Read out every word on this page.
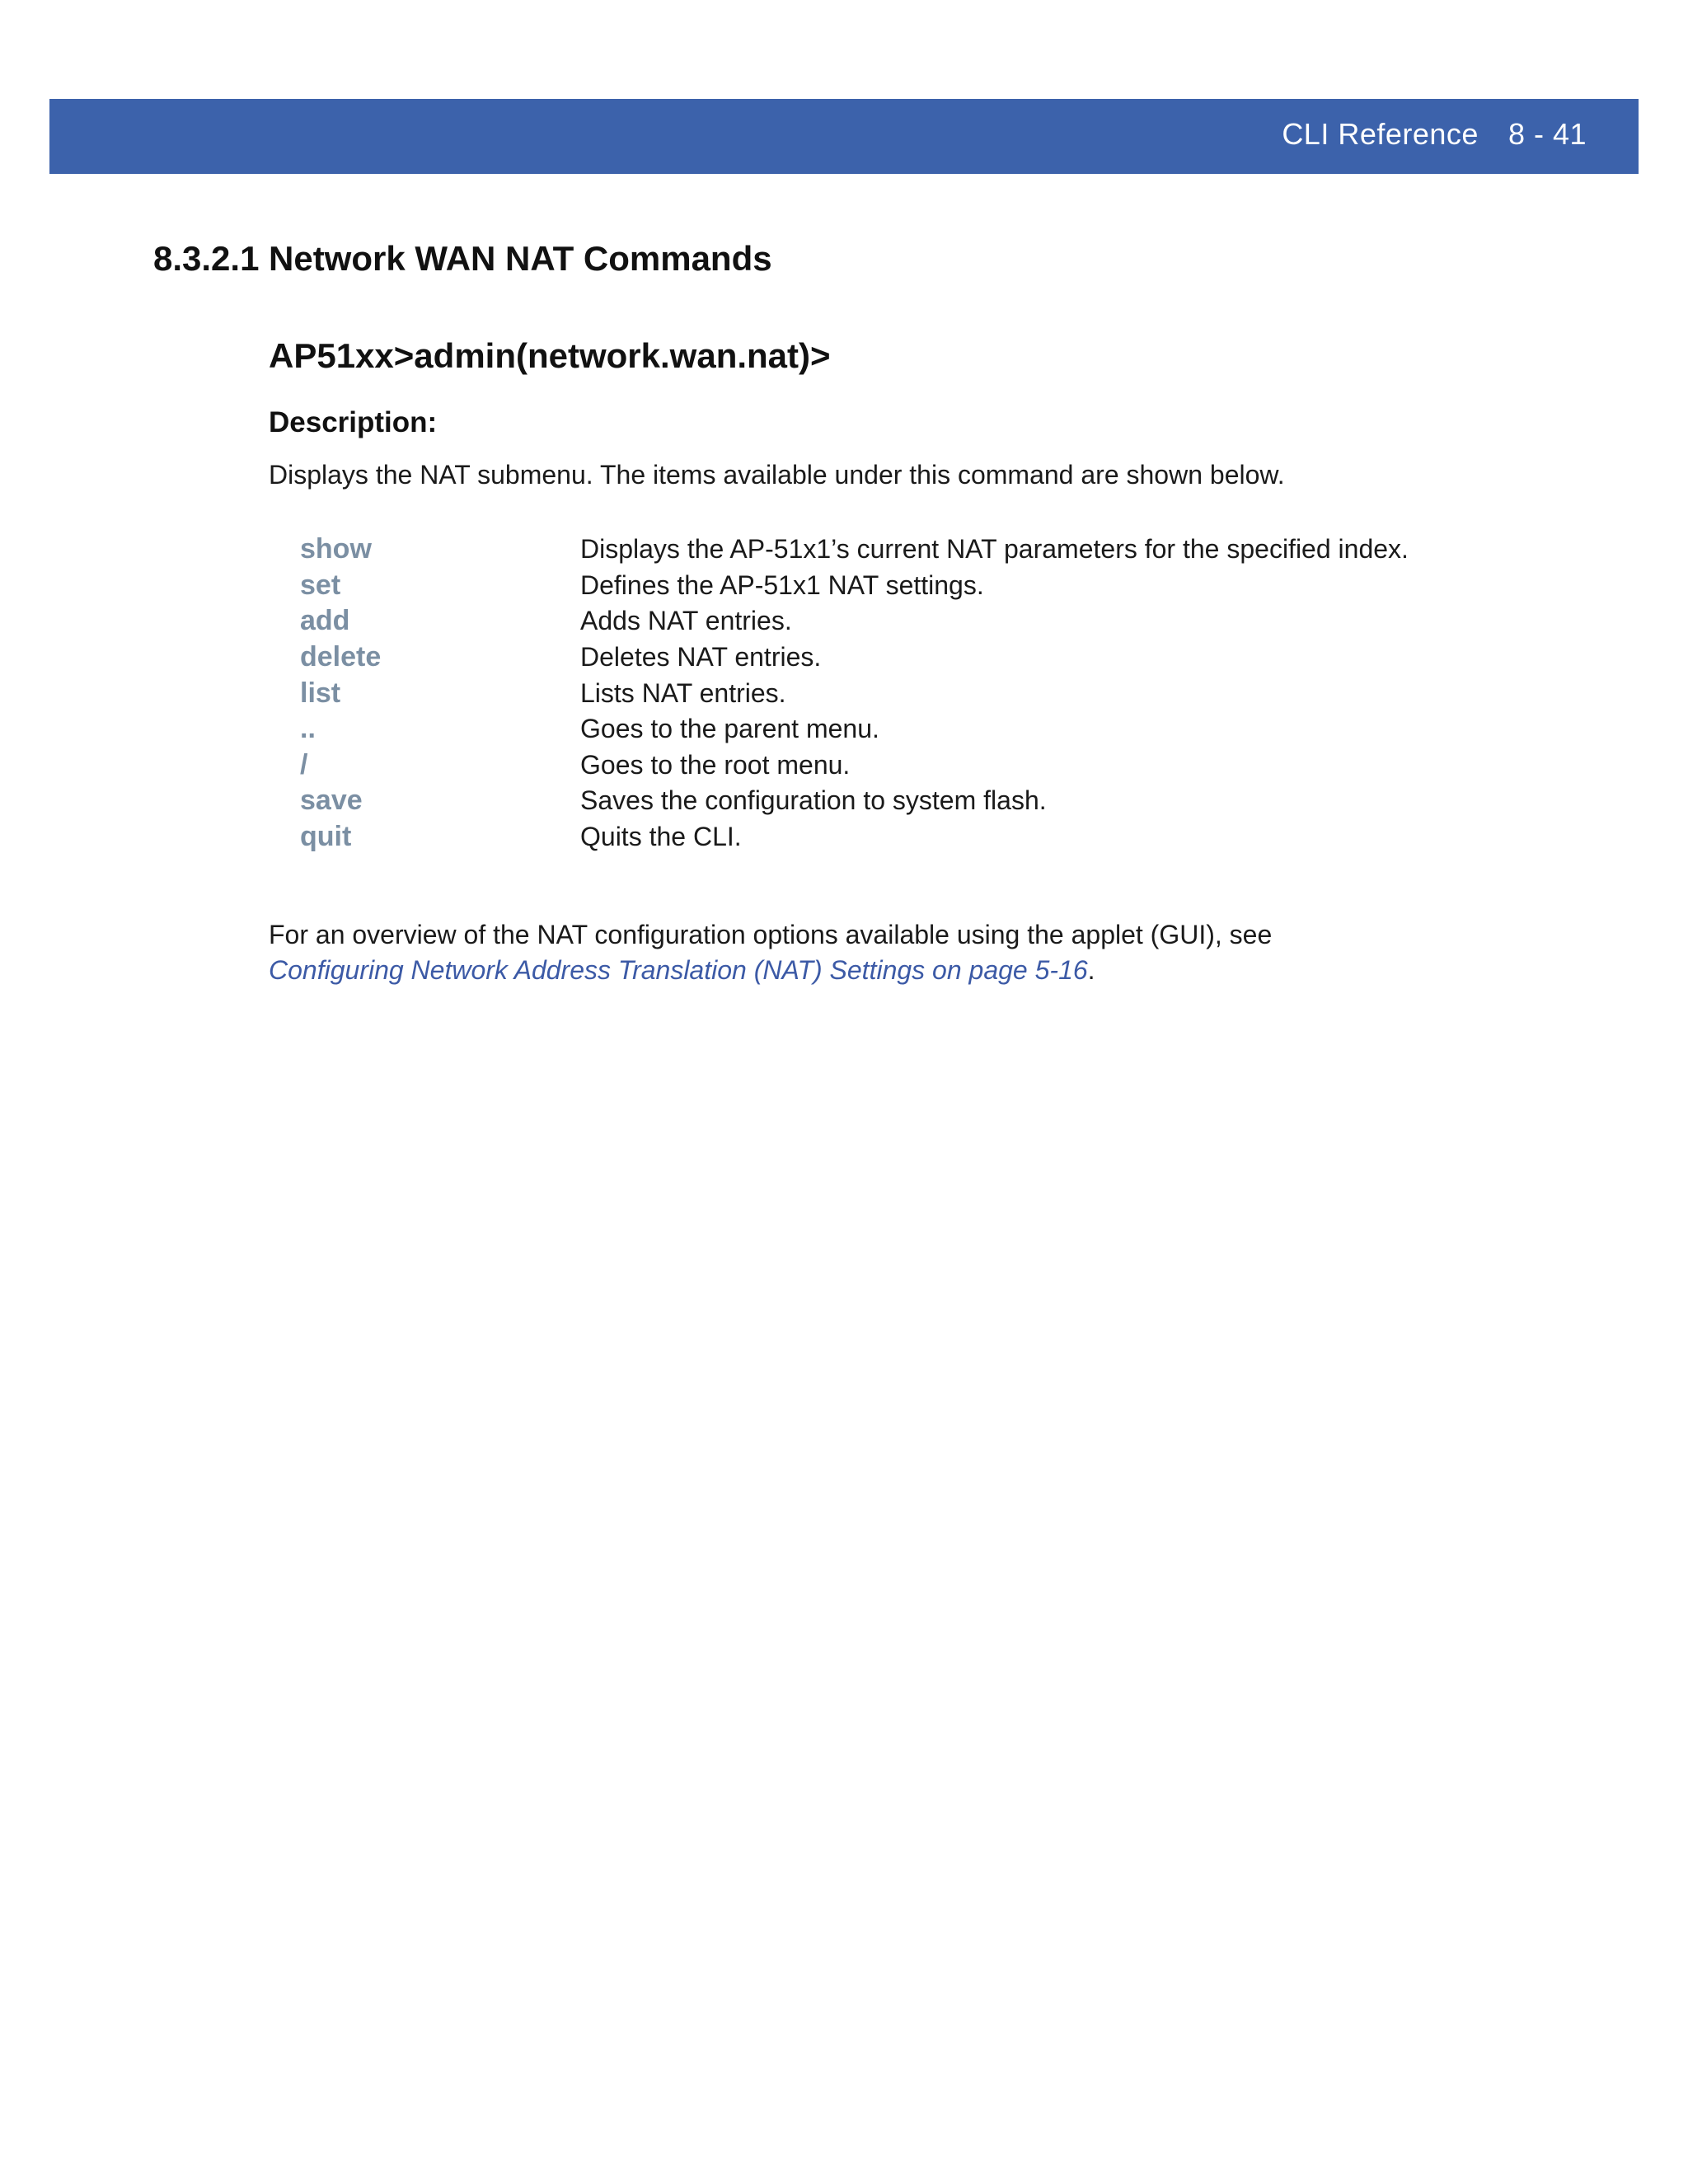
CLI Reference 8 - 41
8.3.2.1 Network WAN NAT Commands
AP51xx>admin(network.wan.nat)>
Description:
Displays the NAT submenu. The items available under this command are shown below.
show	Displays the AP-51x1’s current NAT parameters for the specified index.
set	Defines the AP-51x1 NAT settings.
add	Adds NAT entries.
delete	Deletes NAT entries.
list	Lists NAT entries.
..	Goes to the parent menu.
/	Goes to the root menu.
save	Saves the configuration to system flash.
quit	Quits the CLI.
For an overview of the NAT configuration options available using the applet (GUI), see
Configuring Network Address Translation (NAT) Settings on page 5-16.
